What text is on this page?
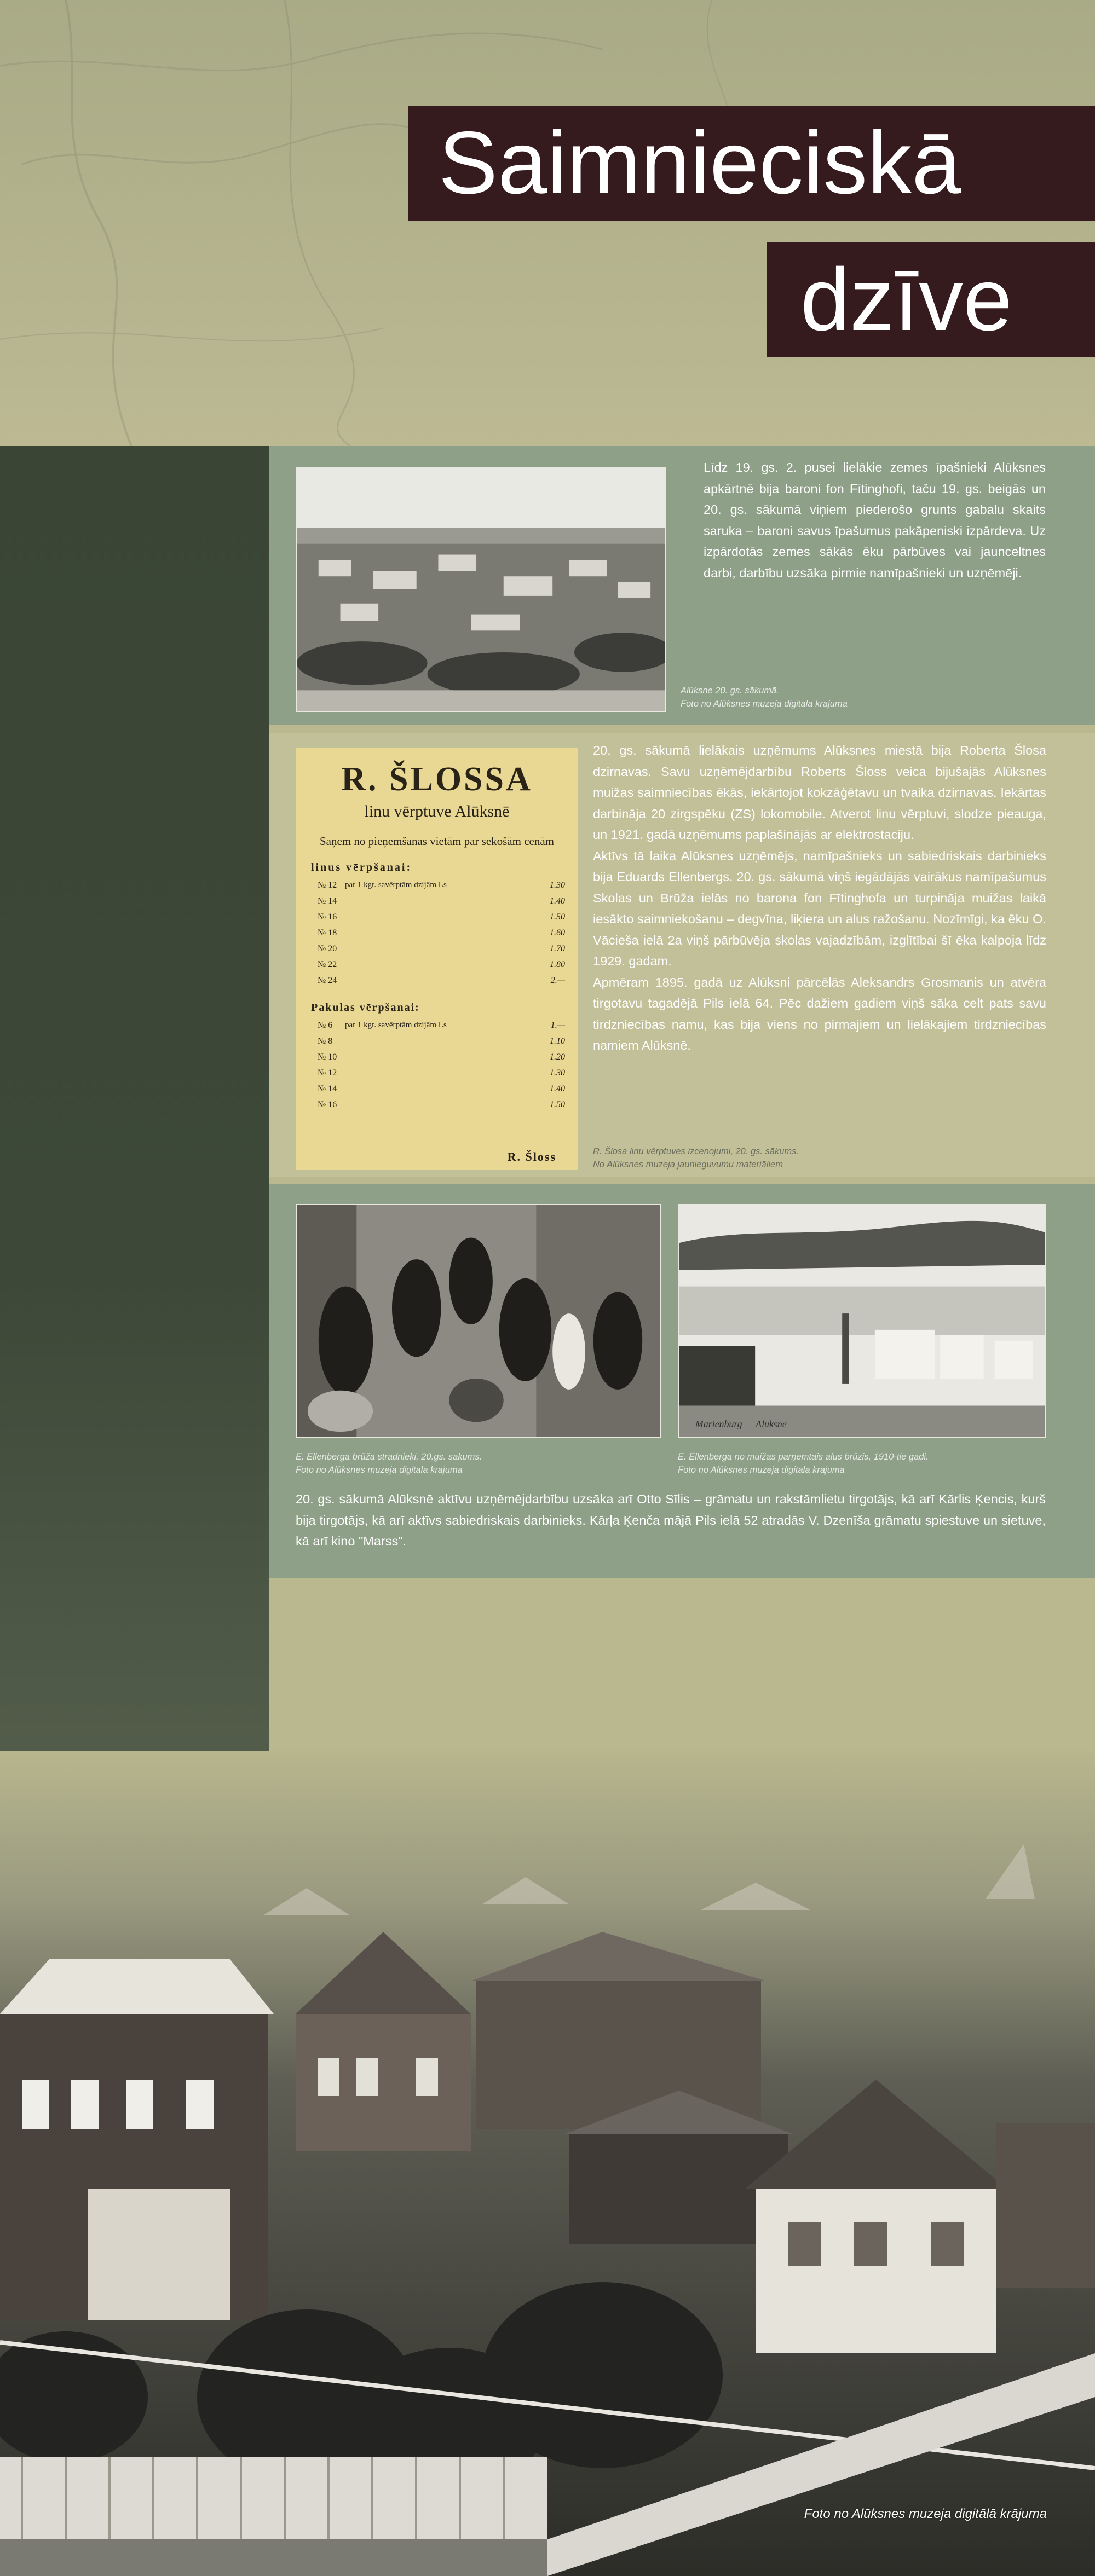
Saimnieciskā
dzīve

Līdz 19. gs. 2. pusei lielākie zemes īpašnieki Alūksnes apkārtnē bija baroni fon Fītinghofi, taču 19. gs. beigās un 20. gs. sākumā viņiem piederošo grunts gabalu skaits saruka – baroni savus īpašumus pakāpeniski izpārdeva. Uz izpārdotās zemes sākās ēku pārbūves vai jaunceltnes darbi, darbību uzsāka pirmie namīpašnieki un uzņēmēji.

Alūksne 20. gs. sākumā.

Foto no Alūksnes muzeja digitālā krājuma

R. ŠLOSSA
linu vērptuve Alūksnē
Saņem no pieņemšanas vietām par sekošām cenām
linus vērpšanai:
№ 12 par 1 kgr. savērptām dzijām Ls	1.30
№ 14	1.40
№ 16	1.50
№ 18	1.60
№ 20	1.70
№ 22	1.80
№ 24	2.—
Pakulas vērpšanai:
№ 6	par 1 kgr. savērptām dzijām Ls	1.—
№ 8	1.10
№ 10	1.20
№ 12	1.30
№ 14	1.40
№ 16	1.50
R. Šloss

20. gs. sākumā lielākais uzņēmums Alūksnes miestā bija Roberta Šlosa dzirnavas. Savu uzņēmējdarbību Roberts Šloss veica bijušajās Alūksnes muižas saimniecības ēkās, iekārtojot kokzāģētavu un tvaika dzirnavas. Iekārtas darbināja 20 zirgspēku (ZS) lokomobile. Atverot linu vērptuvi, slodze pieauga, un 1921. gadā uzņēmums paplašinājās ar elektrostaciju.

Aktīvs tā laika Alūksnes uzņēmējs, namīpašnieks un sabiedriskais darbinieks bija Eduards Ellenbergs. 20. gs. sākumā viņš iegādājās vairākus namīpašumus Skolas un Brūža ielās no barona fon Fītinghofa un turpināja muižas laikā iesākto saimniekošanu – degvīna, liķiera un alus ražošanu. Nozīmīgi, ka ēku O. Vācieša ielā 2a viņš pārbūvēja skolas vajadzībām, izglītībai šī ēka kalpoja līdz 1929. gadam.

Apmēram 1895. gadā uz Alūksni pārcēlās Aleksandrs Grosmanis un atvēra tirgotavu tagadējā Pils ielā 64. Pēc dažiem gadiem viņš sāka celt pats savu tirdzniecības namu, kas bija viens no pirmajiem un lielākajiem tirdzniecības namiem Alūksnē.

R. Šlosa linu vērptuves izcenojumi, 20. gs. sākums.

No Alūksnes muzeja jaunieguvumu materiāliem

Marienburg — Aluksne

E. Ellenberga brūža strādnieki, 20.gs. sākums.

Foto no Alūksnes muzeja digitālā krājuma

E. Ellenberga no muižas pārņemtais alus brūzis, 1910-tie gadi.

Foto no Alūksnes muzeja digitālā krājuma

20. gs. sākumā Alūksnē aktīvu uzņēmējdarbību uzsāka arī Otto Sīlis – grāmatu un rakstāmlietu tirgotājs, kā arī Kārlis Ķencis, kurš bija tirgotājs, kā arī aktīvs sabiedriskais darbinieks. Kārļa Ķenča mājā Pils ielā 52 atradās V. Dzenīša grāmatu spiestuve un sietuve, kā arī kino "Marss".

Foto no Alūksnes muzeja digitālā krājuma
